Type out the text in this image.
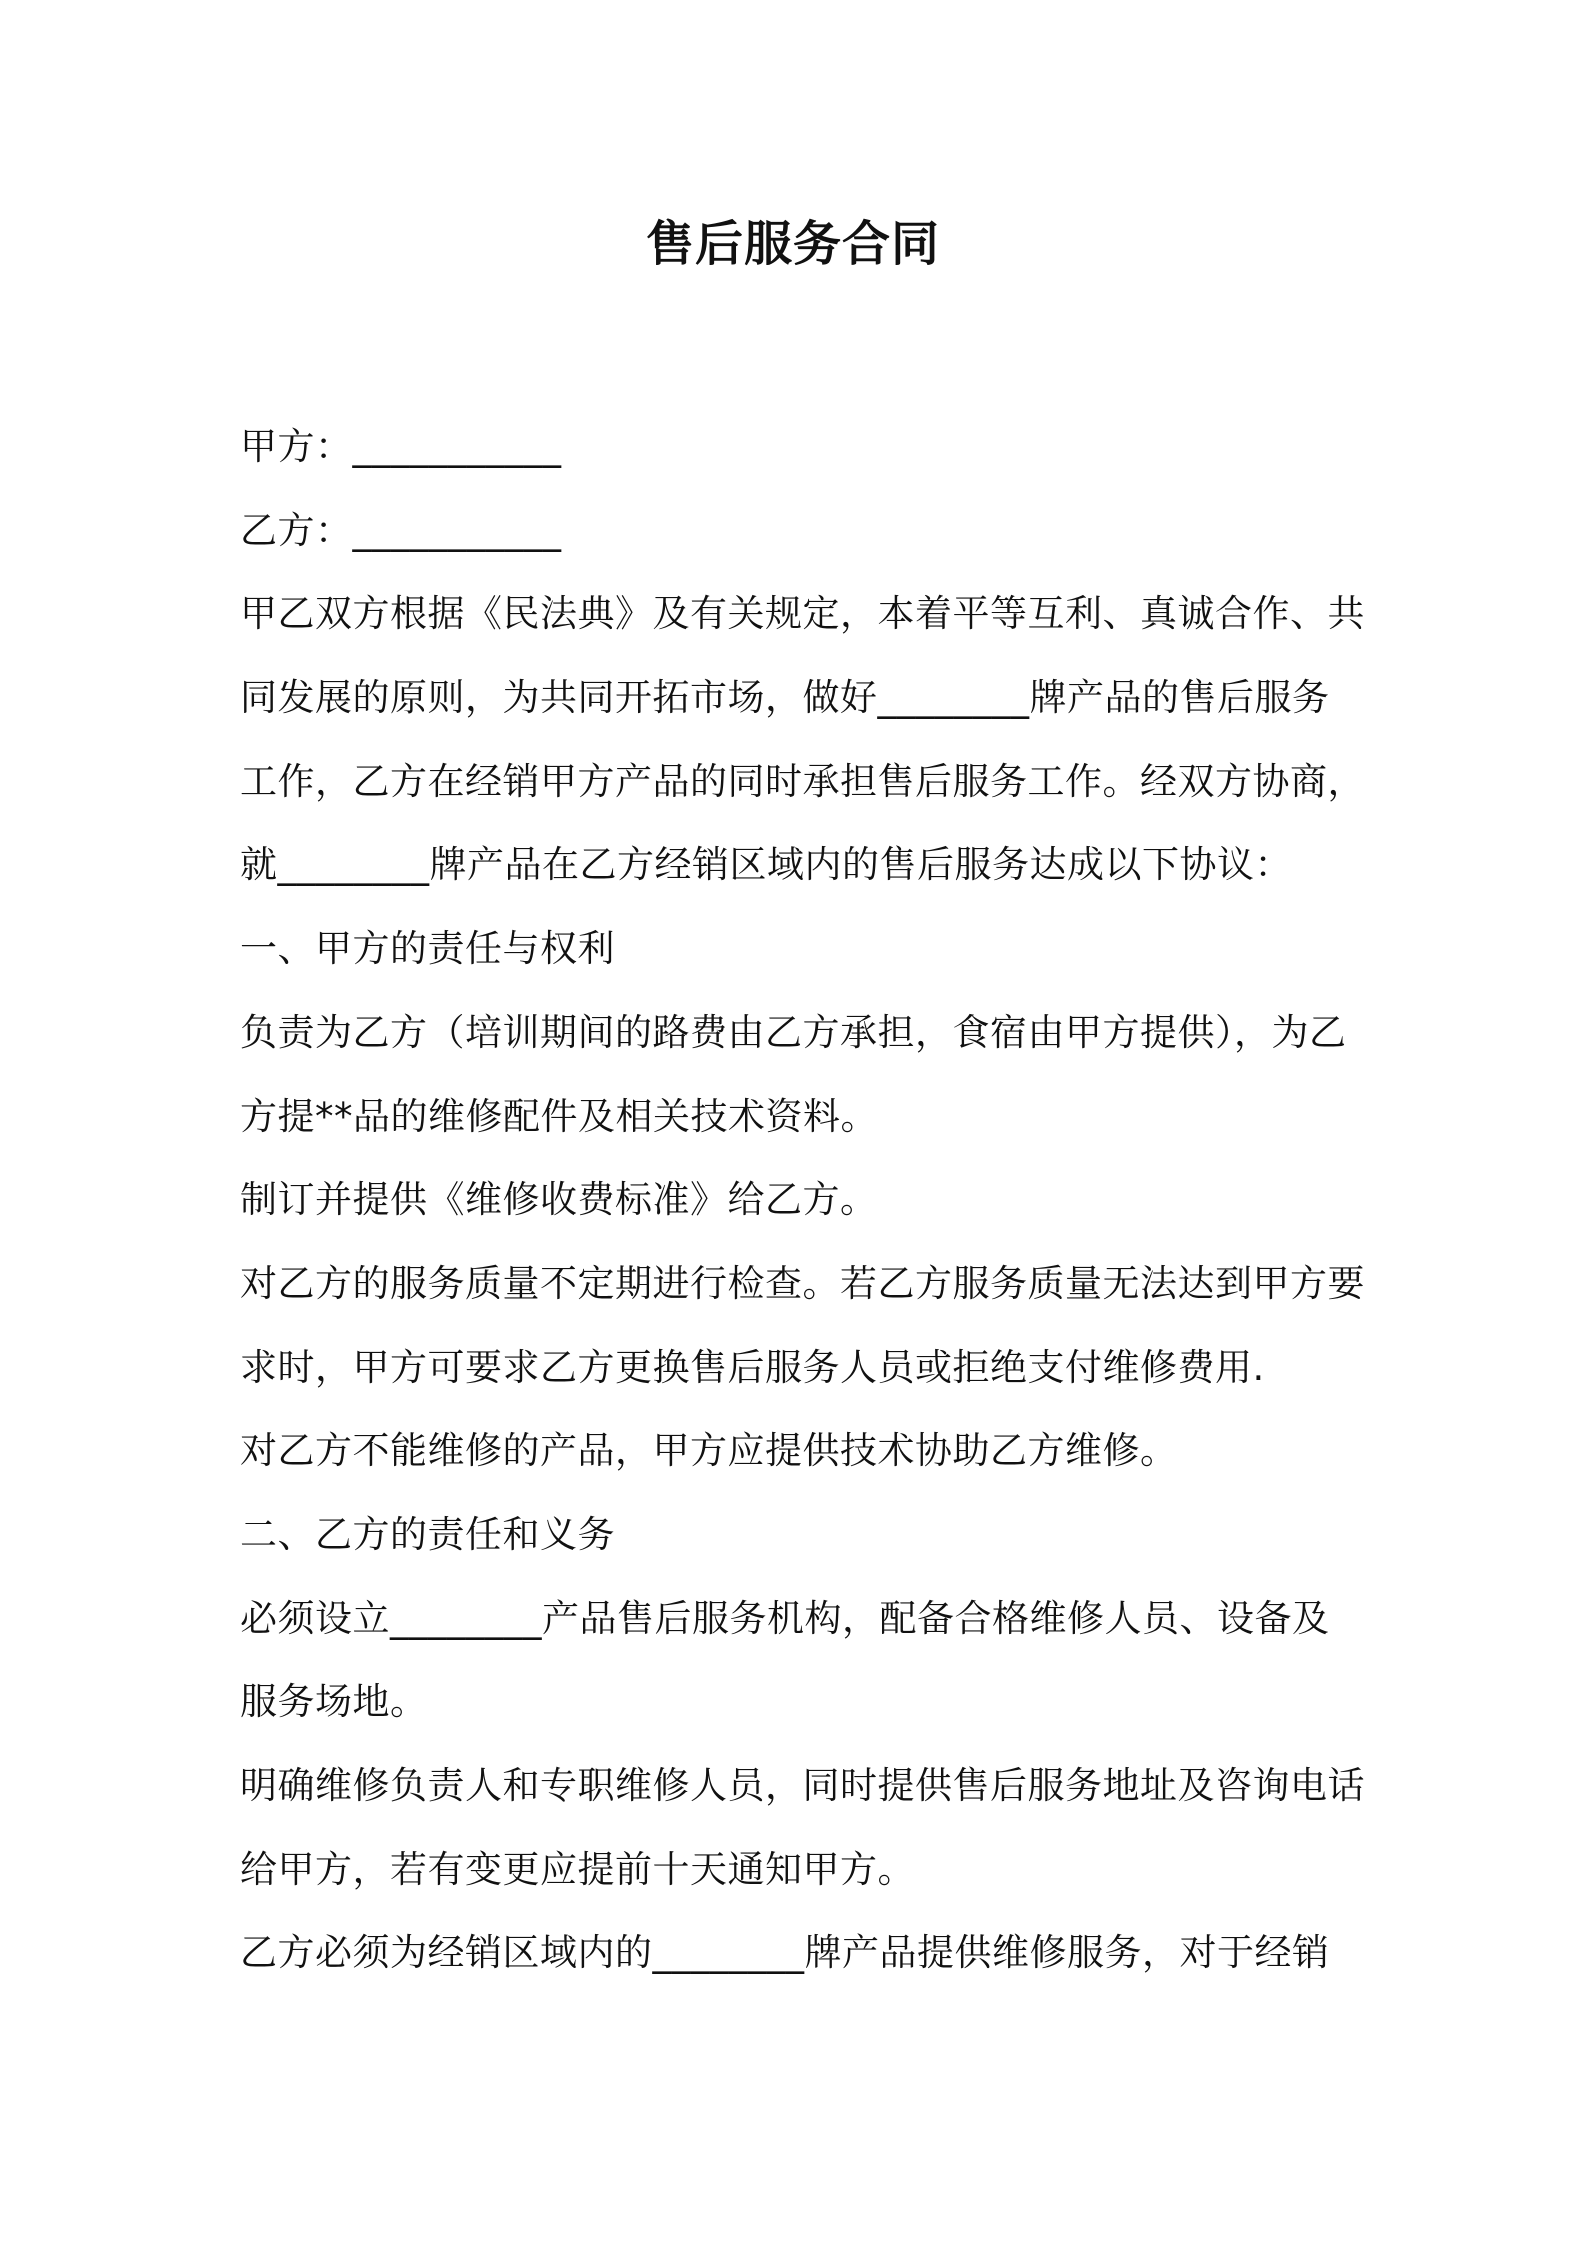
售后服务合同
甲方：___________
乙方：___________
甲乙双方根据《民法典》及有关规定，本着平等互利、真诚合作、共
同发展的原则，为共同开拓市场，做好________牌产品的售后服务
工作，乙方在经销甲方产品的同时承担售后服务工作。经双方协商，
就________牌产品在乙方经销区域内的售后服务达成以下协议：
一、甲方的责任与权利
负责为乙方（培训期间的路费由乙方承担，食宿由甲方提供），为乙
方提**品的维修配件及相关技术资料。
制订并提供《维修收费标准》给乙方。
对乙方的服务质量不定期进行检查。若乙方服务质量无法达到甲方要
求时，甲方可要求乙方更换售后服务人员或拒绝支付维修费用.
对乙方不能维修的产品，甲方应提供技术协助乙方维修。
二、乙方的责任和义务
必须设立________产品售后服务机构，配备合格维修人员、设备及
服务场地。
明确维修负责人和专职维修人员，同时提供售后服务地址及咨询电话
给甲方，若有变更应提前十天通知甲方。
乙方必须为经销区域内的________牌产品提供维修服务，对于经销
